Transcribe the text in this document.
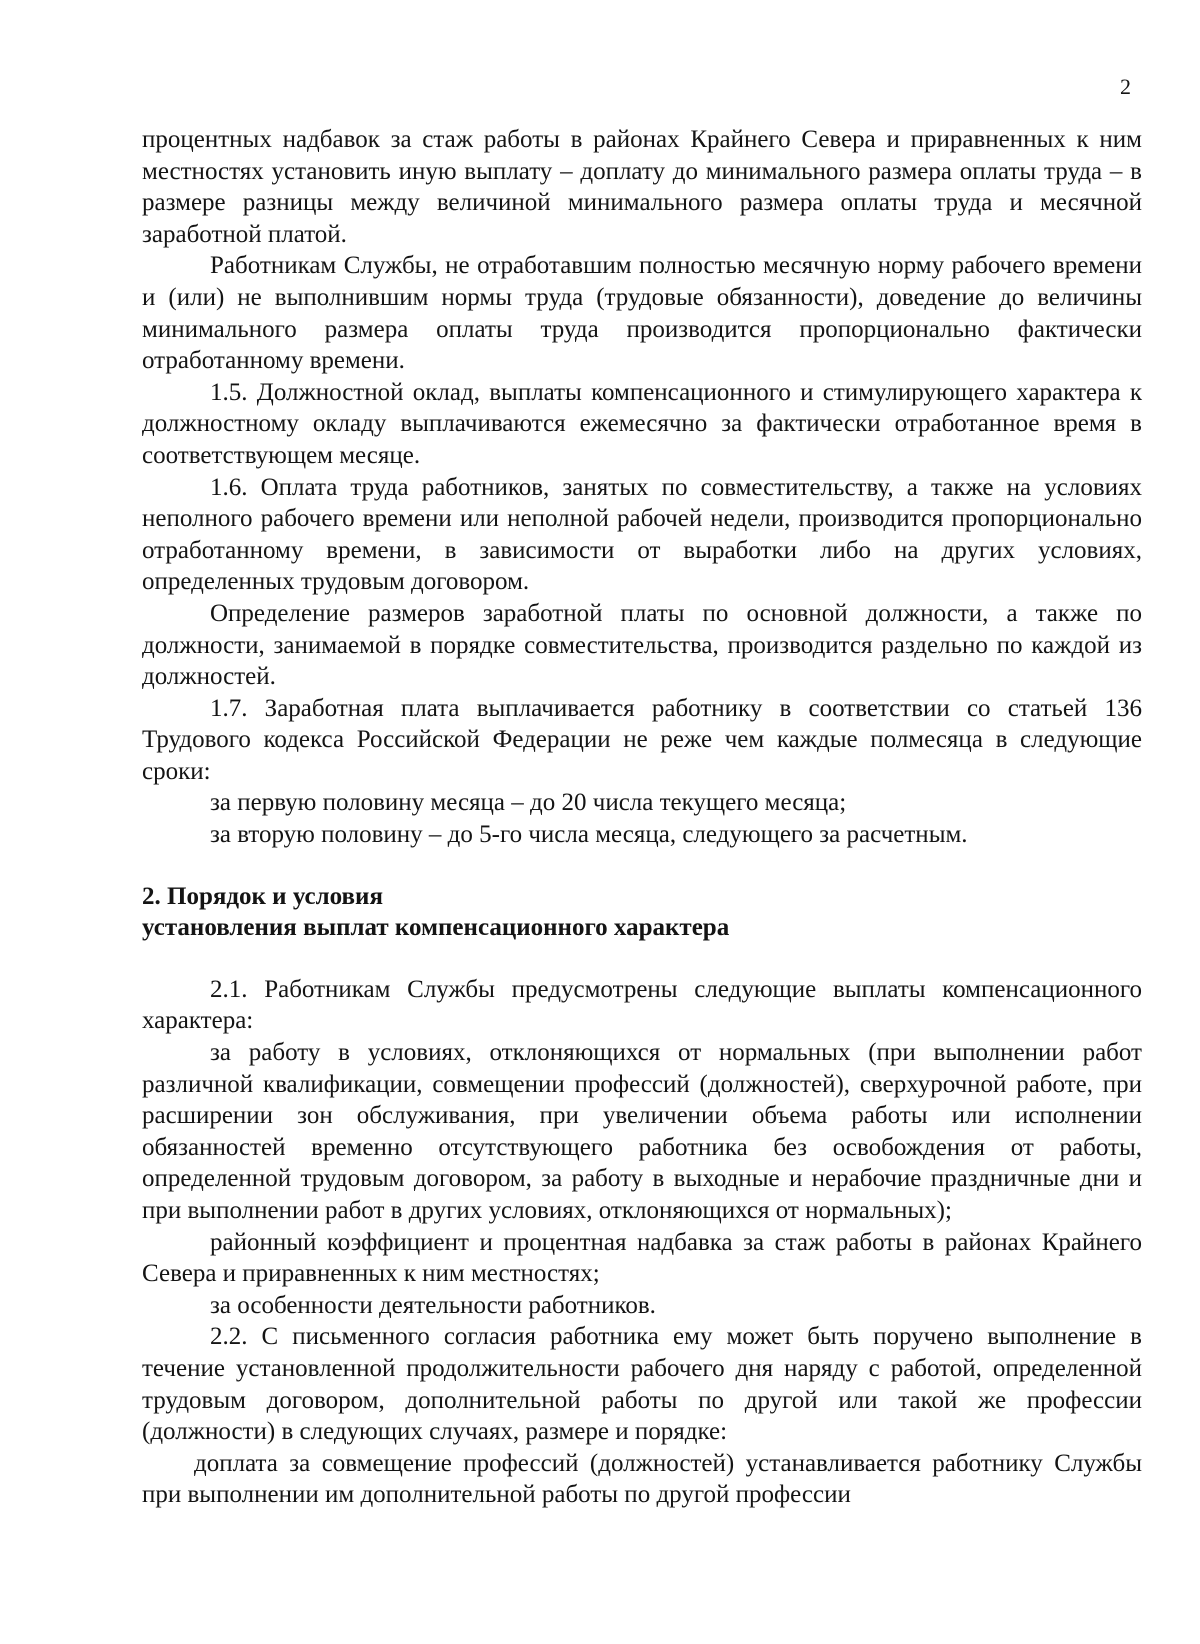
2

процентных надбавок за стаж работы в районах Крайнего Севера и приравненных к ним местностях установить иную выплату – доплату до минимального размера оплаты труда – в размере разницы между величиной минимального размера оплаты труда и месячной заработной платой.

Работникам Службы, не отработавшим полностью месячную норму рабочего времени и (или) не выполнившим нормы труда (трудовые обязанности), доведение до величины минимального размера оплаты труда производится пропорционально фактически отработанному времени.

1.5. Должностной оклад, выплаты компенсационного и стимулирующего характера к должностному окладу выплачиваются ежемесячно за фактически отработанное время в соответствующем месяце.

1.6. Оплата труда работников, занятых по совместительству, а также на условиях неполного рабочего времени или неполной рабочей недели, производится пропорционально отработанному времени, в зависимости от выработки либо на других условиях, определенных трудовым договором.

Определение размеров заработной платы по основной должности, а также по должности, занимаемой в порядке совместительства, производится раздельно по каждой из должностей.

1.7. Заработная плата выплачивается работнику в соответствии со статьей 136 Трудового кодекса Российской Федерации не реже чем каждые полмесяца в следующие сроки:

за первую половину месяца – до 20 числа текущего месяца;

за вторую половину – до 5-го числа месяца, следующего за расчетным.

2. Порядок и условия

установления выплат компенсационного характера

2.1. Работникам Службы предусмотрены следующие выплаты компенсационного характера:

за работу в условиях, отклоняющихся от нормальных (при выполнении работ различной квалификации, совмещении профессий (должностей), сверхурочной работе, при расширении зон обслуживания, при увеличении объема работы или исполнении обязанностей временно отсутствующего работника без освобождения от работы, определенной трудовым договором, за работу в выходные и нерабочие праздничные дни и при выполнении работ в других условиях, отклоняющихся от нормальных);

районный коэффициент и процентная надбавка за стаж работы в районах Крайнего Севера и приравненных к ним местностях;

за особенности деятельности работников.

2.2. С письменного согласия работника ему может быть поручено выполнение в течение установленной продолжительности рабочего дня наряду с работой, определенной трудовым договором, дополнительной работы по другой или такой же профессии (должности) в следующих случаях, размере и порядке:

доплата за совмещение профессий (должностей) устанавливается работнику Службы при выполнении им дополнительной работы по другой профессии
